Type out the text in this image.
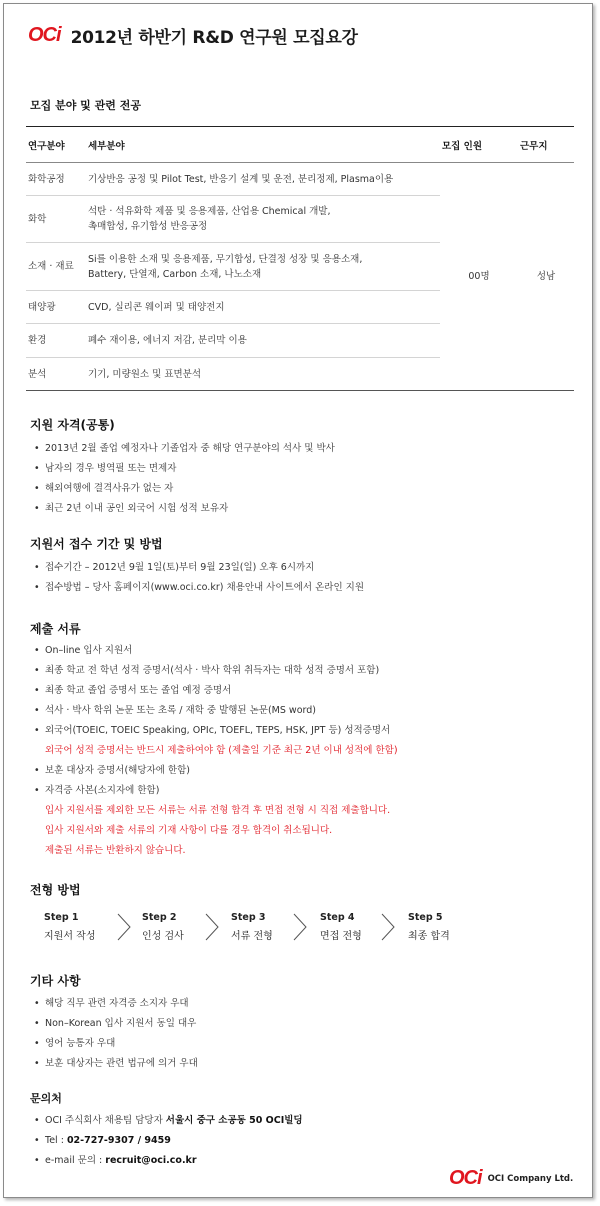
OCi 2012년 하반기 R&D 연구원 모집요강
모집 분야 및 관련 전공
연구분야	세부분야	모집 인원	근무지
화학공정	기상반응 공정 및 Pilot Test, 반응기 설계 및 운전, 분리정제, Plasma이용	00명	성남
화학	석탄 · 석유화학 제품 및 응용제품, 산업용 Chemical 개발,
촉매합성, 유기합성 반응공정		

소재 · 재료	Si를 이용한 소재 및 응용제품, 무기합성, 단결정 성장 및 응용소재,
Battery, 단열재, Carbon 소재, 나노소재		

태양광	CVD, 실리콘 웨이퍼 및 태양전지		

환경	폐수 재이용, 에너지 저감, 분리막 이용		

분석	기기, 미량원소 및 표면분석		
지원 자격(공통)
• 2013년 2월 졸업 예정자나 기졸업자 중 해당 연구분야의 석사 및 박사
• 남자의 경우 병역필 또는 면제자
• 해외여행에 결격사유가 없는 자
• 최근 2년 이내 공인 외국어 시험 성적 보유자
지원서 접수 기간 및 방법
• 접수기간 – 2012년 9월 1일(토)부터 9월 23일(일) 오후 6시까지
• 접수방법 – 당사 홈페이지(www.oci.co.kr) 채용안내 사이트에서 온라인 지원
제출 서류
• On–line 입사 지원서
• 최종 학교 전 학년 성적 증명서(석사 · 박사 학위 취득자는 대학 성적 증명서 포함)
• 최종 학교 졸업 증명서 또는 졸업 예정 증명서
• 석사 · 박사 학위 논문 또는 초록 / 재학 중 발행된 논문(MS word)
• 외국어(TOEIC, TOEIC Speaking, OPIc, TOEFL, TEPS, HSK, JPT 등) 성적증명서
외국어 성적 증명서는 반드시 제출하여야 함 (제출일 기준 최근 2년 이내 성적에 한함)
• 보훈 대상자 증명서(해당자에 한함)
• 자격증 사본(소지자에 한함)
입사 지원서를 제외한 모든 서류는 서류 전형 합격 후 면접 전형 시 직접 제출합니다.
입사 지원서와 제출 서류의 기재 사항이 다를 경우 합격이 취소됩니다.
제출된 서류는 반환하지 않습니다.
전형 방법
Step 1
지원서 작성
Step 2
인성 검사
Step 3
서류 전형
Step 4
면접 전형
Step 5
최종 합격
기타 사항
• 해당 직무 관련 자격증 소지자 우대
• Non–Korean 입사 지원서 동일 대우
• 영어 능통자 우대
• 보훈 대상자는 관련 법규에 의거 우대
문의처
• OCI 주식회사 채용팀 담당자 서울시 중구 소공동 50 OCI빌딩
• Tel : 02-727-9307 / 9459
• e-mail 문의 : recruit@oci.co.kr
OCi OCI Company Ltd.
